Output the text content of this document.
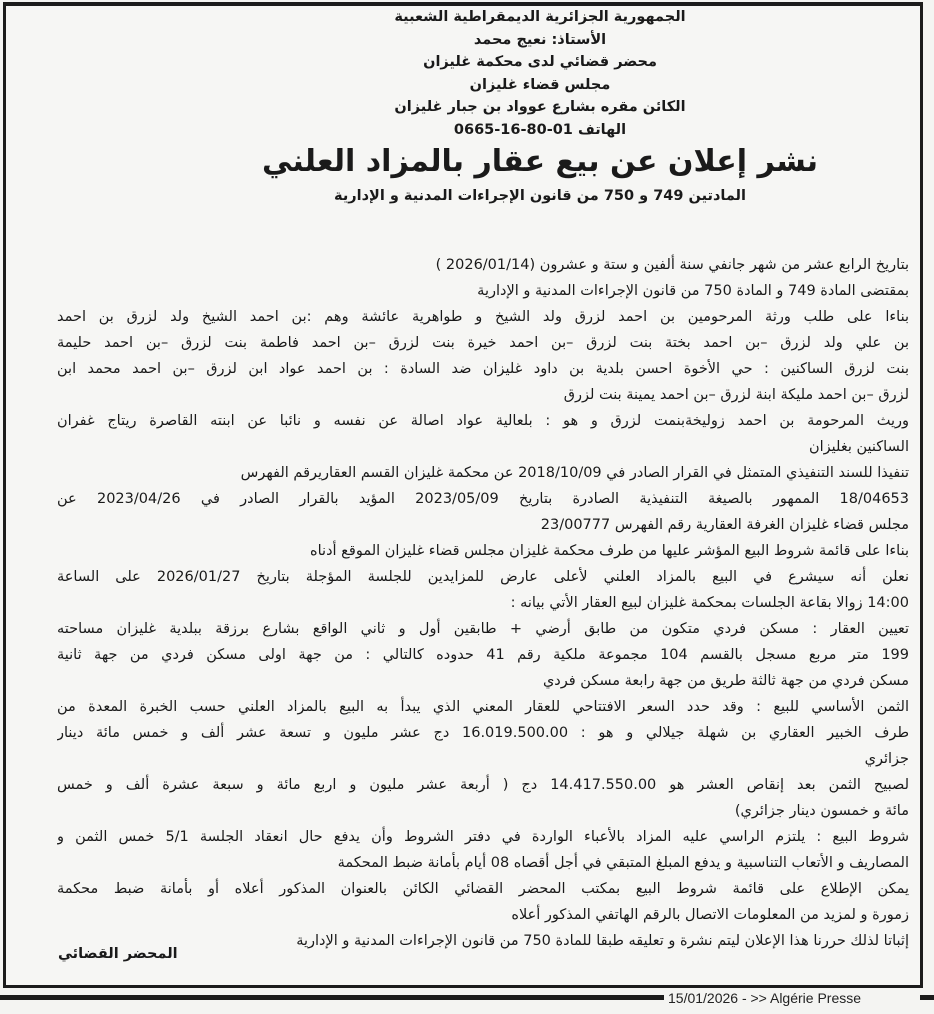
الجمهورية الجزائرية الديمقراطية الشعبية
الأستاذ: نعيج محمد
محضر قضائي لدى محكمة غليزان
مجلس قضاء غليزان
الكائن مقره بشارع عوواد بن جبار غليزان
الهاتف 01-80-16-0665
نشر إعلان عن بيع عقار بالمزاد العلني
المادتين 749 و 750 من قانون الإجراءات المدنية و الإدارية
بتاريخ الرابع عشر من شهر جانفي سنة ألفين و ستة و عشرون (2026/01/14 )
بمقتضى المادة 749 و المادة 750 من قانون الإجراءات المدنية و الإدارية
بناءا على طلب ورثة المرحومين بن احمد لزرق ولد الشيخ و طواهرية عائشة وهم :بن احمد الشيخ ولد لزرق بن احمد
بن علي ولد لزرق –بن احمد بختة بنت لزرق –بن احمد خيرة بنت لزرق –بن احمد فاطمة بنت لزرق –بن احمد حليمة
بنت لزرق الساكنين : حي الأخوة احسن بلدية بن داود غليزان ضد السادة : بن احمد عواد ابن لزرق –بن احمد محمد ابن
لزرق –بن احمد مليكة ابنة لزرق –بن احمد يمينة بنت لزرق
وريث المرحومة بن احمد زوليخةبنمت لزرق و هو : بلعالية عواد اصالة عن نفسه و نائبا عن ابنته القاصرة ريتاج غفران
الساكنين بغليزان
تنفيذا للسند التنفيذي المتمثل في القرار الصادر في 2018/10/09 عن محكمة غليزان القسم العقاريرقم الفهرس
18/04653 الممهور بالصيغة التنفيذية الصادرة بتاريخ 2023/05/09 المؤيد بالقرار الصادر في 2023/04/26 عن
مجلس قضاء غليزان الغرفة العقارية رقم الفهرس 23/00777
بناءا على قائمة شروط البيع المؤشر عليها من طرف محكمة غليزان مجلس قضاء غليزان الموقع أدناه
نعلن أنه سيشرع في البيع بالمزاد العلني لأعلى عارض للمزايدين للجلسة المؤجلة بتاريخ 2026/01/27 على الساعة
14:00 زوالا بقاعة الجلسات بمحكمة غليزان لبيع العقار الأتي بيانه :
تعيين العقار : مسكن فردي متكون من طابق أرضي + طابقين أول و ثاني الواقع بشارع برزقة ببلدية غليزان مساحته
199 متر مربع مسجل بالقسم 104 مجموعة ملكية رقم 41 حدوده كالتالي : من جهة اولى مسكن فردي من جهة ثانية
مسكن فردي من جهة ثالثة طريق من جهة رابعة مسكن فردي
الثمن الأساسي للبيع : وقد حدد السعر الافتتاحي للعقار المعني الذي يبدأ به البيع بالمزاد العلني حسب الخبرة المعدة من
طرف الخبير العقاري بن شهلة جيلالي و هو : 16.019.500.00 دج عشر مليون و تسعة عشر ألف و خمس مائة دينار
جزائري
لصبيح الثمن بعد إنقاص العشر هو 14.417.550.00 دج ( أربعة عشر مليون و اربع مائة و سبعة عشرة ألف و خمس
مائة و خمسون دينار جزائري)
شروط البيع : يلتزم الراسي عليه المزاد بالأعباء الواردة في دفتر الشروط وأن يدفع حال انعقاد الجلسة 5/1 خمس الثمن و
المصاريف و الأتعاب التناسبية و يدفع المبلغ المتبقي في أجل أقصاه 08 أيام بأمانة ضبط المحكمة
يمكن الإطلاع على قائمة شروط البيع بمكتب المحضر القضائي الكائن بالعنوان المذكور أعلاه أو بأمانة ضبط محكمة
زمورة و لمزيد من المعلومات الاتصال بالرقم الهاتفي المذكور أعلاه
إثباتا لذلك حررنا هذا الإعلان ليتم نشرة و تعليقه طبقا للمادة 750 من قانون الإجراءات المدنية و الإدارية
المحضر القضائي
15/01/2026 - >> Algérie Presse
